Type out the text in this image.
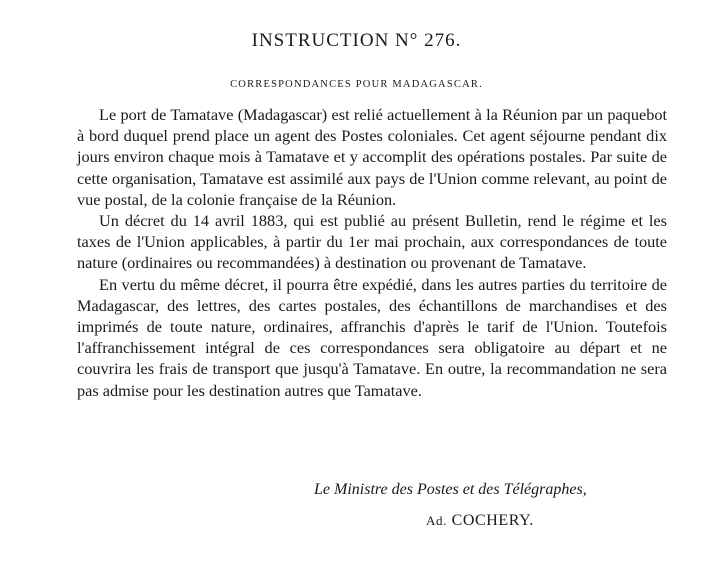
INSTRUCTION N° 276.
CORRESPONDANCES POUR MADAGASCAR.

Le port de Tamatave (Madagascar) est relié actuellement à la Réunion par un paquebot à bord duquel prend place un agent des Postes coloniales. Cet agent séjourne pendant dix jours environ chaque mois à Tamatave et y accomplit des opérations postales. Par suite de cette organisation, Tamatave est assimilé aux pays de l'Union comme relevant, au point de vue postal, de la colonie française de la Réunion.

Un décret du 14 avril 1883, qui est publié au présent Bulletin, rend le régime et les taxes de l'Union applicables, à partir du 1er mai prochain, aux correspondances de toute nature (ordinaires ou recommandées) à destination ou provenant de Tamatave.

En vertu du même décret, il pourra être expédié, dans les autres parties du territoire de Madagascar, des lettres, des cartes postales, des échantillons de marchandises et des imprimés de toute nature, ordinaires, affranchis d'après le tarif de l'Union. Toutefois l'affranchissement intégral de ces correspondances sera obligatoire au départ et ne couvrira les frais de transport que jusqu'à Tamatave. En outre, la recommandation ne sera pas admise pour les destination autres que Tamatave.

Le Ministre des Postes et des Télégraphes,
Ad. COCHERY.
